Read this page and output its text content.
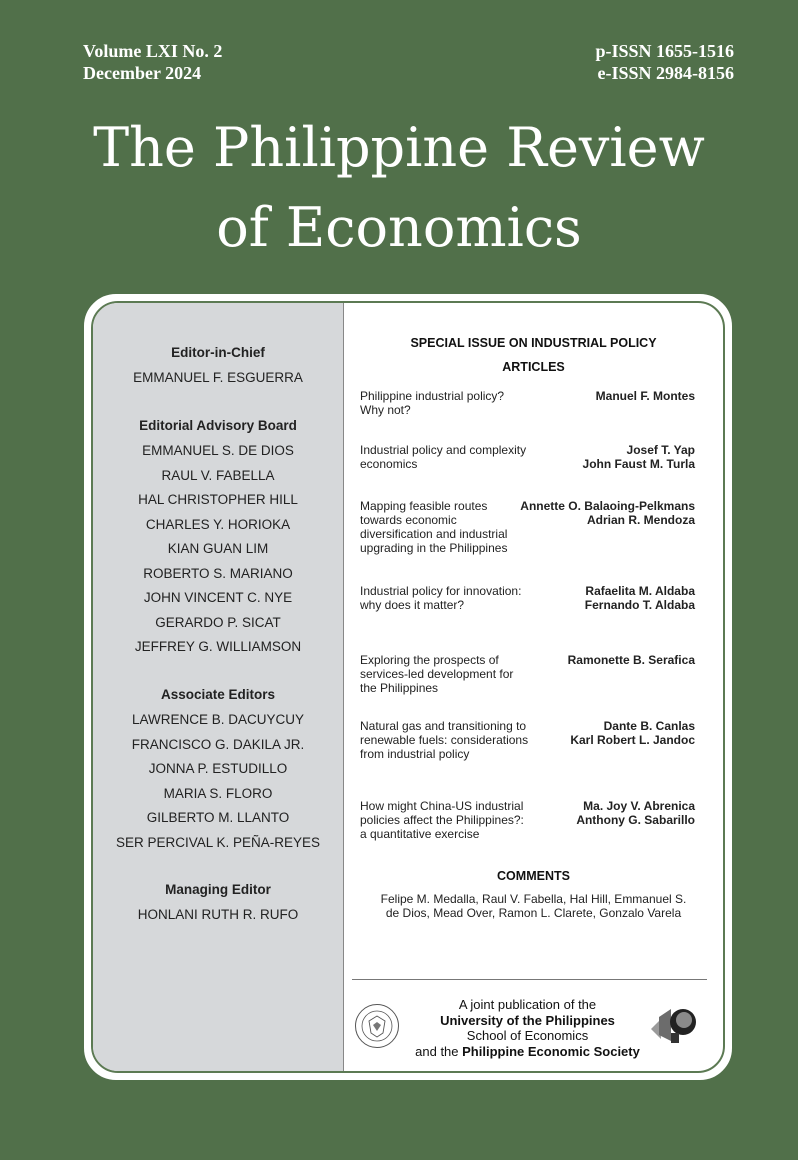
Volume LXI No. 2
December 2024
p-ISSN 1655-1516
e-ISSN 2984-8156
The Philippine Review
of Economics
Editor-in-Chief
EMMANUEL F. ESGUERRA
Editorial Advisory Board
EMMANUEL S. DE DIOS
RAUL V. FABELLA
HAL CHRISTOPHER HILL
CHARLES Y. HORIOKA
KIAN GUAN LIM
ROBERTO S. MARIANO
JOHN VINCENT C. NYE
GERARDO P. SICAT
JEFFREY G. WILLIAMSON
Associate Editors
LAWRENCE B. DACUYCUY
FRANCISCO G. DAKILA JR.
JONNA P. ESTUDILLO
MARIA S. FLORO
GILBERTO M. LLANTO
SER PERCIVAL K. PEÑA-REYES
Managing Editor
HONLANI RUTH R. RUFO
SPECIAL ISSUE ON INDUSTRIAL POLICY
ARTICLES
Philippine industrial policy? Why not?
Manuel F. Montes
Industrial policy and complexity economics
Josef T. Yap
John Faust M. Turla
Mapping feasible routes towards economic diversification and industrial upgrading in the Philippines
Annette O. Balaoing-Pelkmans
Adrian R. Mendoza
Industrial policy for innovation: why does it matter?
Rafaelita M. Aldaba
Fernando T. Aldaba
Exploring the prospects of services-led development for the Philippines
Ramonette B. Serafica
Natural gas and transitioning to renewable fuels: considerations from industrial policy
Dante B. Canlas
Karl Robert L. Jandoc
How might China-US industrial policies affect the Philippines?: a quantitative exercise
Ma. Joy V. Abrenica
Anthony G. Sabarillo
COMMENTS
Felipe M. Medalla, Raul V. Fabella, Hal Hill, Emmanuel S. de Dios, Mead Over, Ramon L. Clarete, Gonzalo Varela
A joint publication of the
University of the Philippines
School of Economics
and the Philippine Economic Society
